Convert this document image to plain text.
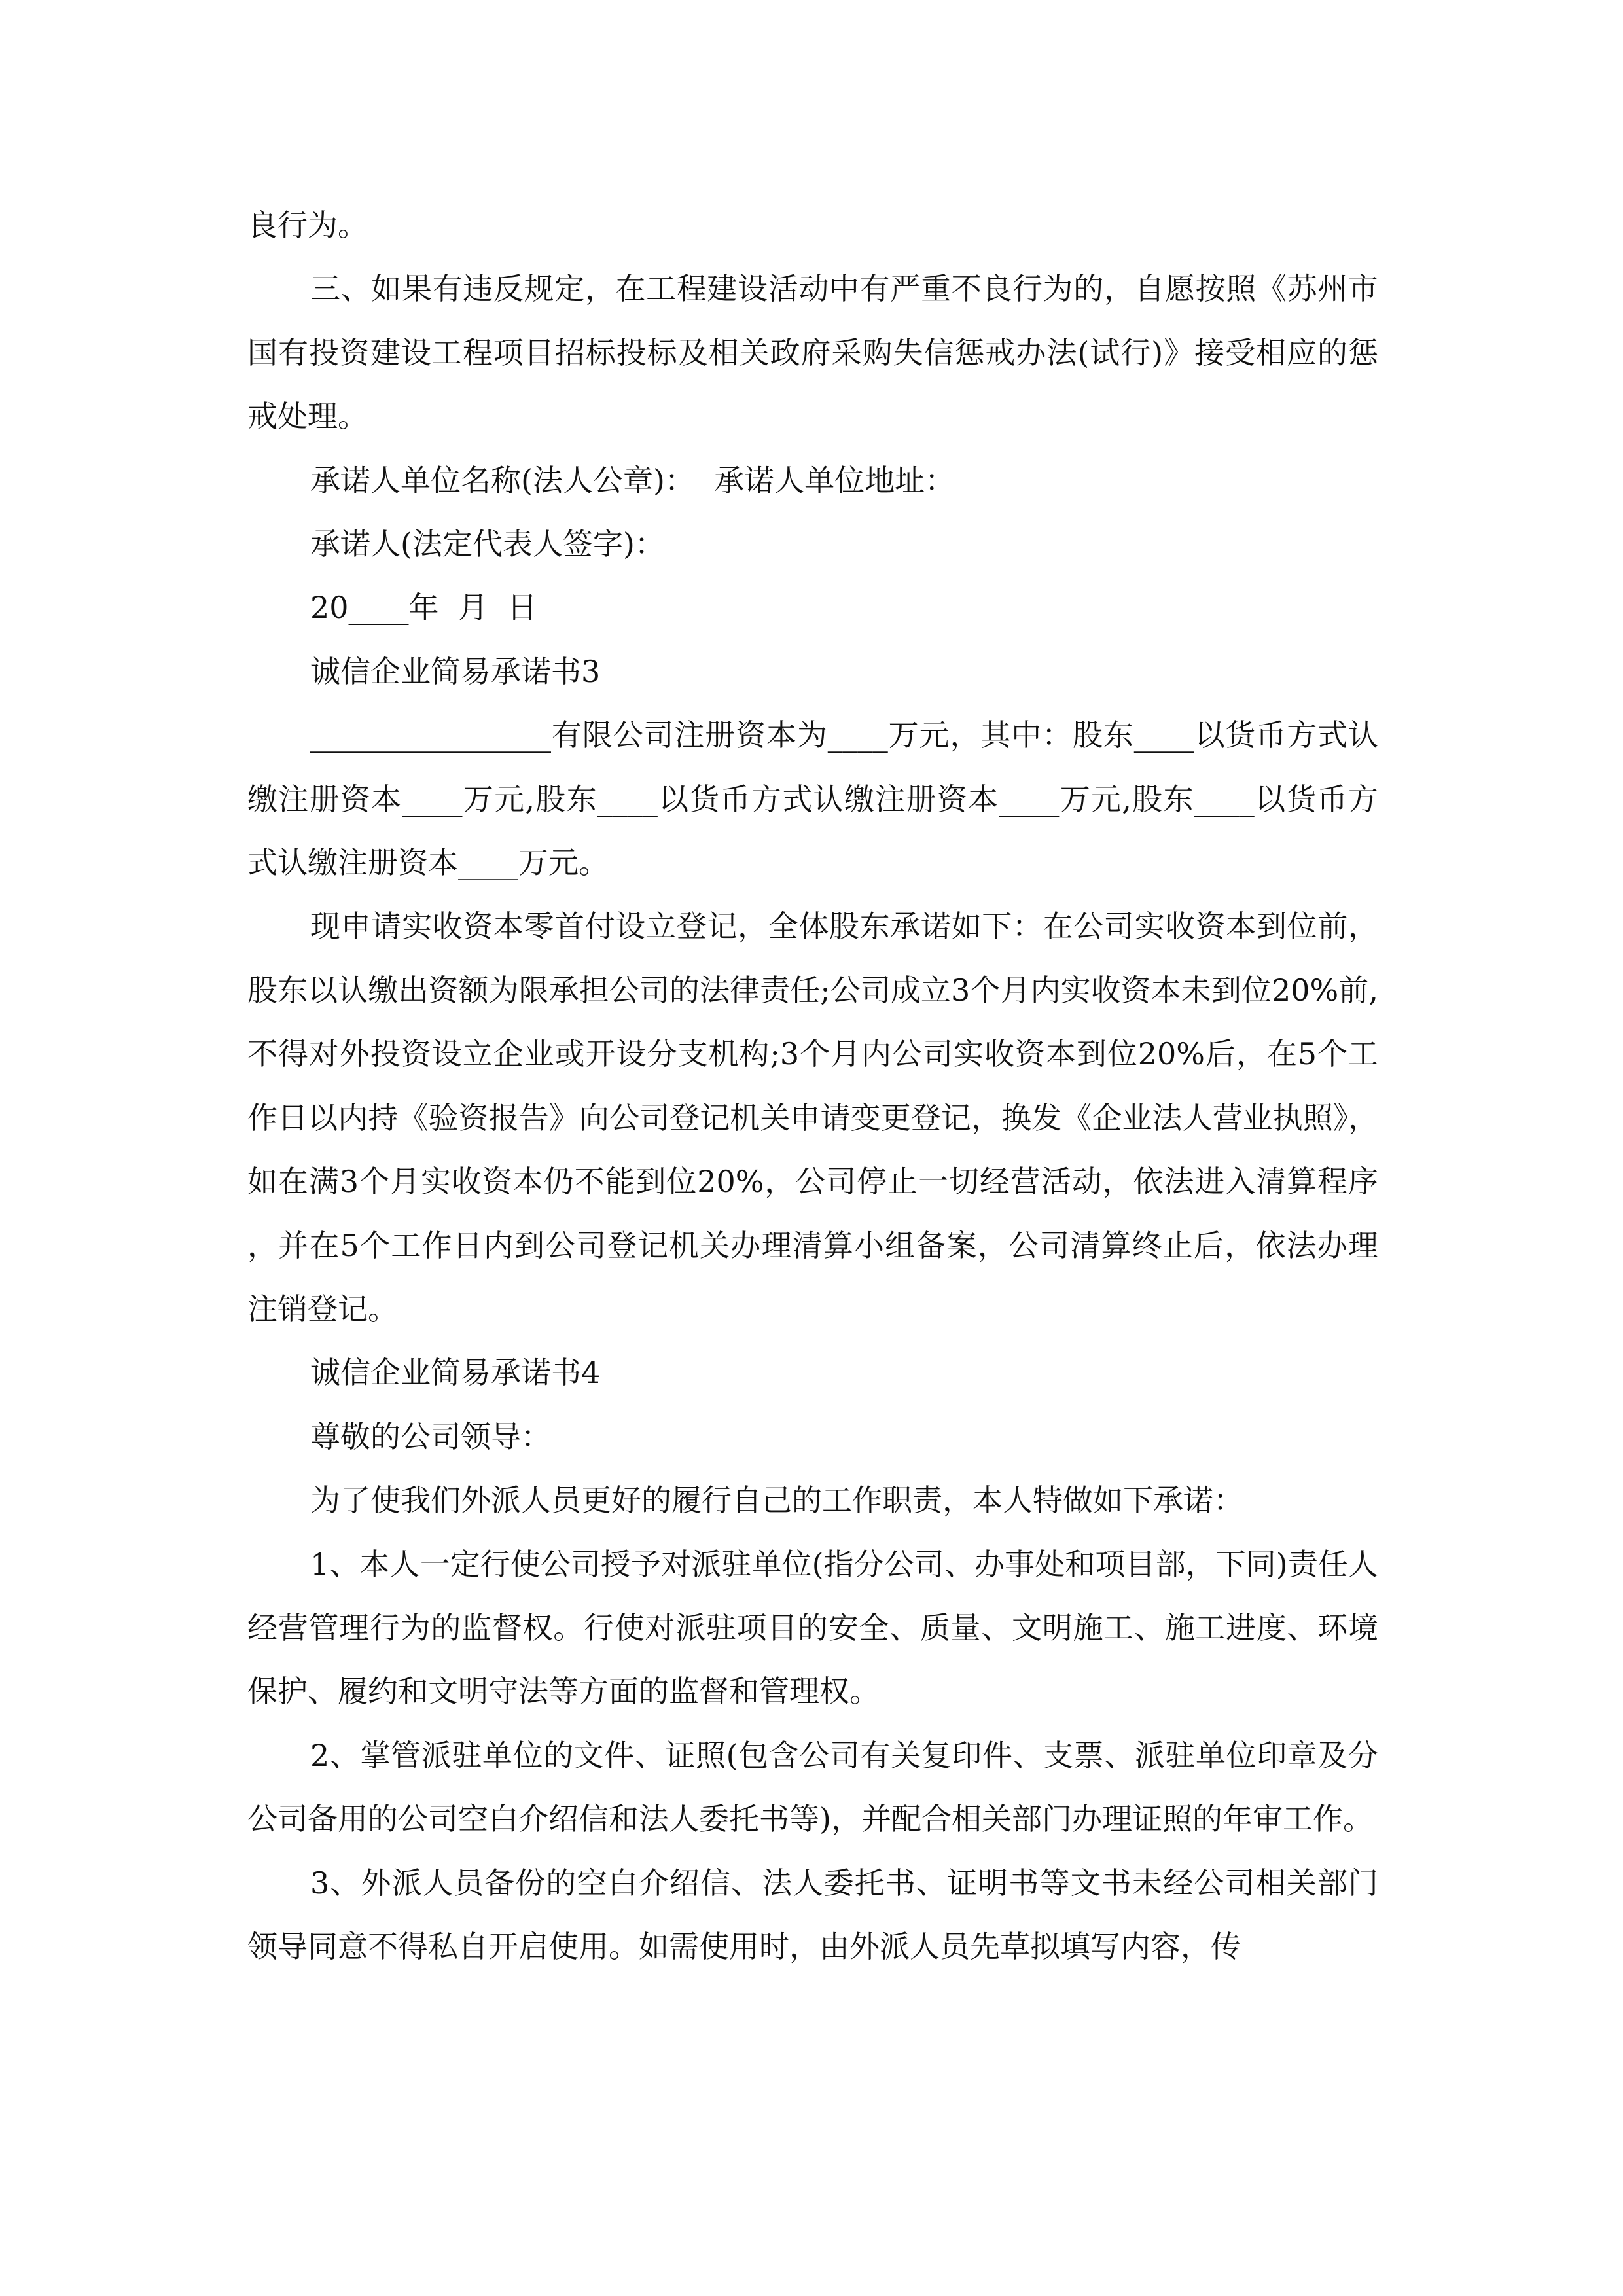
良行为。

三、如果有违反规定，在工程建设活动中有严重不良行为的，自愿按照《苏州市国有投资建设工程项目招标投标及相关政府采购失信惩戒办法(试行)》接受相应的惩戒处理。

承诺人单位名称(法人公章)：  承诺人单位地址：

承诺人(法定代表人签字)：

20____年  月  日

诚信企业简易承诺书3

________________有限公司注册资本为____万元，其中：股东____以货币方式认缴注册资本____万元,股东____以货币方式认缴注册资本____万元,股东____以货币方式认缴注册资本____万元。

现申请实收资本零首付设立登记，全体股东承诺如下：在公司实收资本到位前，股东以认缴出资额为限承担公司的法律责任;公司成立3个月内实收资本未到位20%前,不得对外投资设立企业或开设分支机构;3个月内公司实收资本到位20%后，在5个工作日以内持《验资报告》向公司登记机关申请变更登记，换发《企业法人营业执照》，如在满3个月实收资本仍不能到位20%，公司停止一切经营活动，依法进入清算程序，并在5个工作日内到公司登记机关办理清算小组备案，公司清算终止后，依法办理注销登记。

诚信企业简易承诺书4

尊敬的公司领导：

为了使我们外派人员更好的履行自己的工作职责，本人特做如下承诺：

1、本人一定行使公司授予对派驻单位(指分公司、办事处和项目部，下同)责任人经营管理行为的监督权。行使对派驻项目的安全、质量、文明施工、施工进度、环境保护、履约和文明守法等方面的监督和管理权。

2、掌管派驻单位的文件、证照(包含公司有关复印件、支票、派驻单位印章及分公司备用的公司空白介绍信和法人委托书等)，并配合相关部门办理证照的年审工作。

3、外派人员备份的空白介绍信、法人委托书、证明书等文书未经公司相关部门领导同意不得私自开启使用。如需使用时，由外派人员先草拟填写内容，传
